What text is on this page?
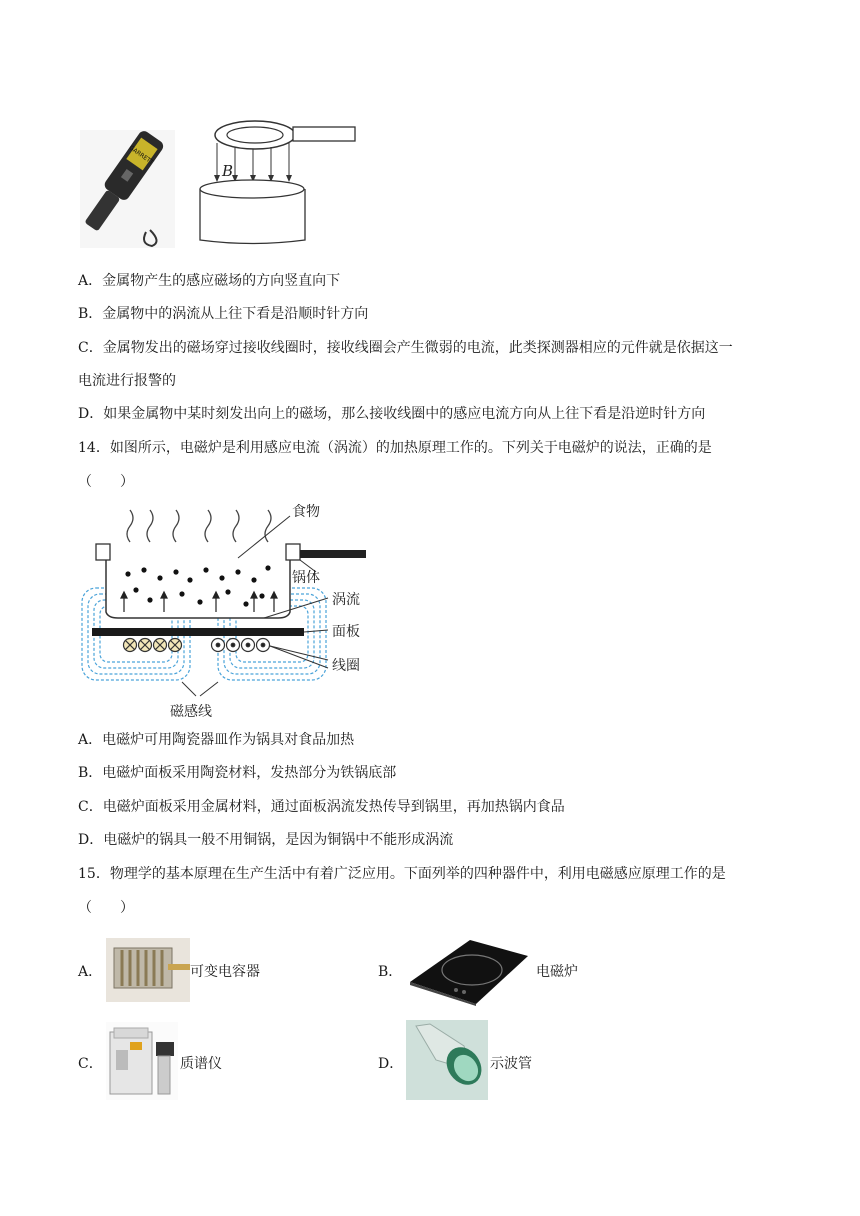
GARRETT
B
A．金属物产生的感应磁场的方向竖直向下
B．金属物中的涡流从上往下看是沿顺时针方向
C．金属物发出的磁场穿过接收线圈时，接收线圈会产生微弱的电流，此类探测器相应的元件就是依据这一
电流进行报警的
D．如果金属物中某时刻发出向上的磁场，那么接收线圈中的感应电流方向从上往下看是沿逆时针方向
14．如图所示，电磁炉是利用感应电流（涡流）的加热原理工作的。下列关于电磁炉的说法，正确的是
（　　）
食物
锅体
涡流
面板
线圈
磁感线
A．电磁炉可用陶瓷器皿作为锅具对食品加热
B．电磁炉面板采用陶瓷材料，发热部分为铁锅底部
C．电磁炉面板采用金属材料，通过面板涡流发热传导到锅里，再加热锅内食品
D．电磁炉的锅具一般不用铜锅，是因为铜锅中不能形成涡流
15．物理学的基本原理在生产生活中有着广泛应用。下面列举的四种器件中，利用电磁感应原理工作的是
（　　）
A．	可变电容器	B．	电磁炉
C．	质谱仪	D．	示波管
